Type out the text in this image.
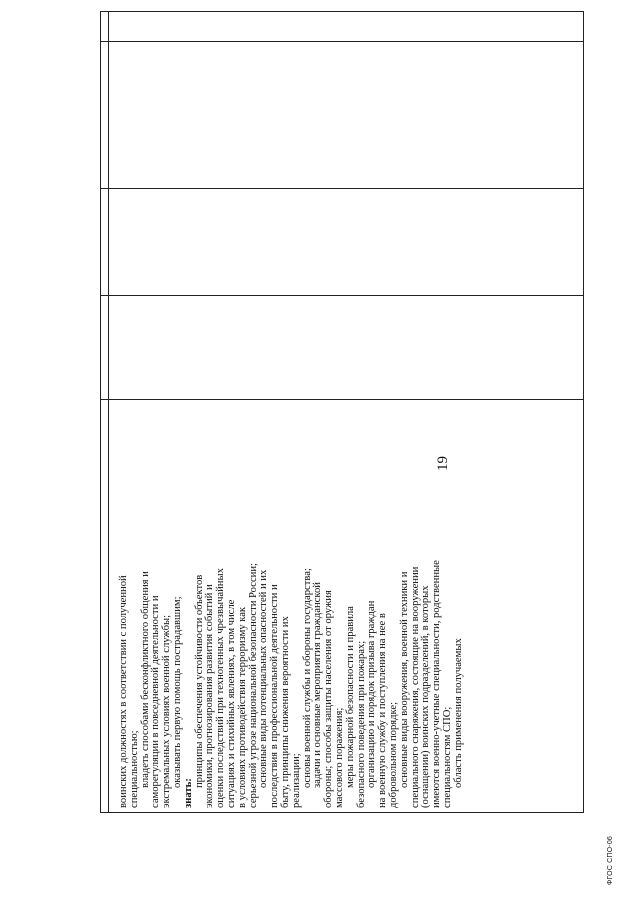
воинских должностях в соответствии с полученной специальностью; владеть способами бесконфликтного общения и саморегуляции в повседневной деятельности и экстремальных условиях военной службы; оказывать первую помощь пострадавшим;

знать:

принципы обеспечения устойчивости объектов экономики, прогнозирования развития событий и оценки последствий при техногенных чрезвычайных ситуациях и стихийных явлениях, в том числе в условиях противодействия терроризму как серьезной угрозе национальной безопасности России; основные виды потенциальных опасностей и их последствия в профессиональной деятельности и быту, принципы снижения вероятности их реализации; основы военной службы и обороны государства; задачи и основные мероприятия гражданской обороны; способы защиты населения от оружия массового поражения; меры пожарной безопасности и правила безопасного поведения при пожарах; организацию и порядок призыва граждан на военную службу и поступления на нее в добровольном порядке; основные виды вооружения, военной техники и специального снаряжения, состоящие на вооружении (оснащении) воинских подразделений, в которых имеются военно-учетные специальности, родственные специальностям СПО; область применения получаемых

19
ФГОС СПО-06
